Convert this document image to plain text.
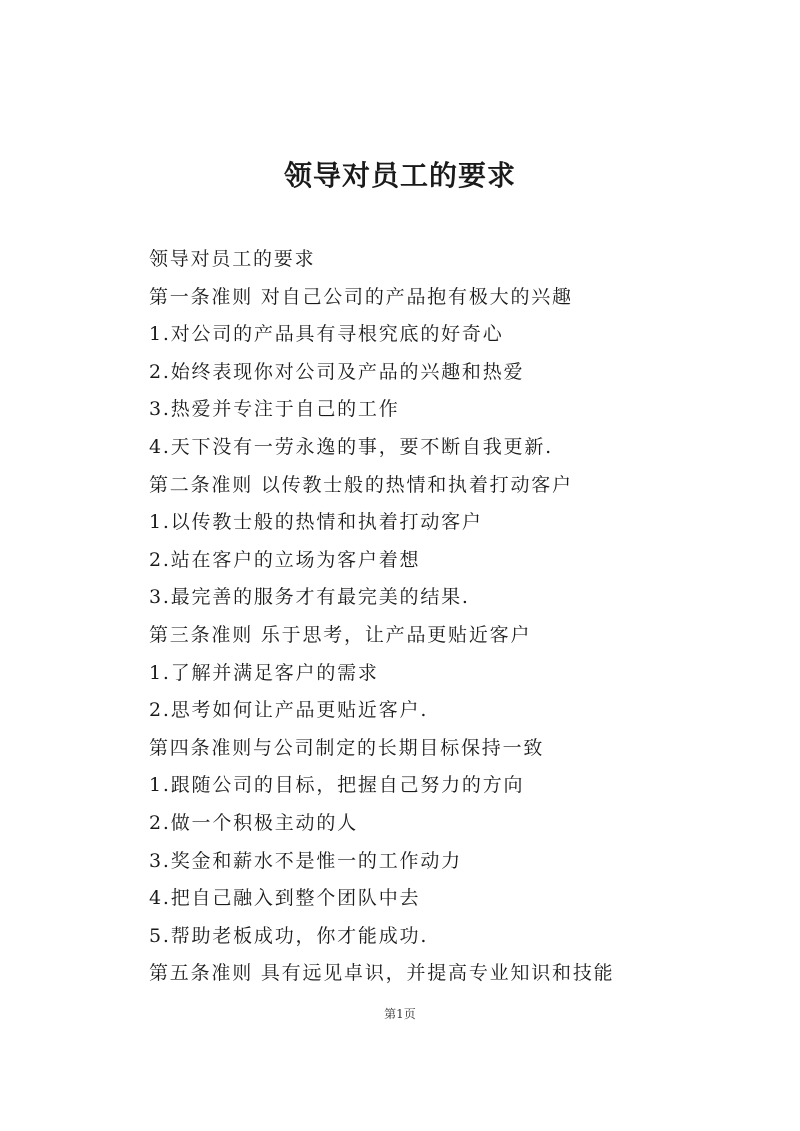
领导对员工的要求
领导对员工的要求
第一条准则 对自己公司的产品抱有极大的兴趣
1.对公司的产品具有寻根究底的好奇心
2.始终表现你对公司及产品的兴趣和热爱
3.热爱并专注于自己的工作
4.天下没有一劳永逸的事，要不断自我更新.
第二条准则 以传教士般的热情和执着打动客户
1.以传教士般的热情和执着打动客户
2.站在客户的立场为客户着想
3.最完善的服务才有最完美的结果.
第三条准则 乐于思考，让产品更贴近客户
1.了解并满足客户的需求
2.思考如何让产品更贴近客户.
第四条准则与公司制定的长期目标保持一致
1.跟随公司的目标，把握自己努力的方向
2.做一个积极主动的人
3.奖金和薪水不是惟一的工作动力
4.把自己融入到整个团队中去
5.帮助老板成功，你才能成功.
第五条准则 具有远见卓识，并提高专业知识和技能
第1页
